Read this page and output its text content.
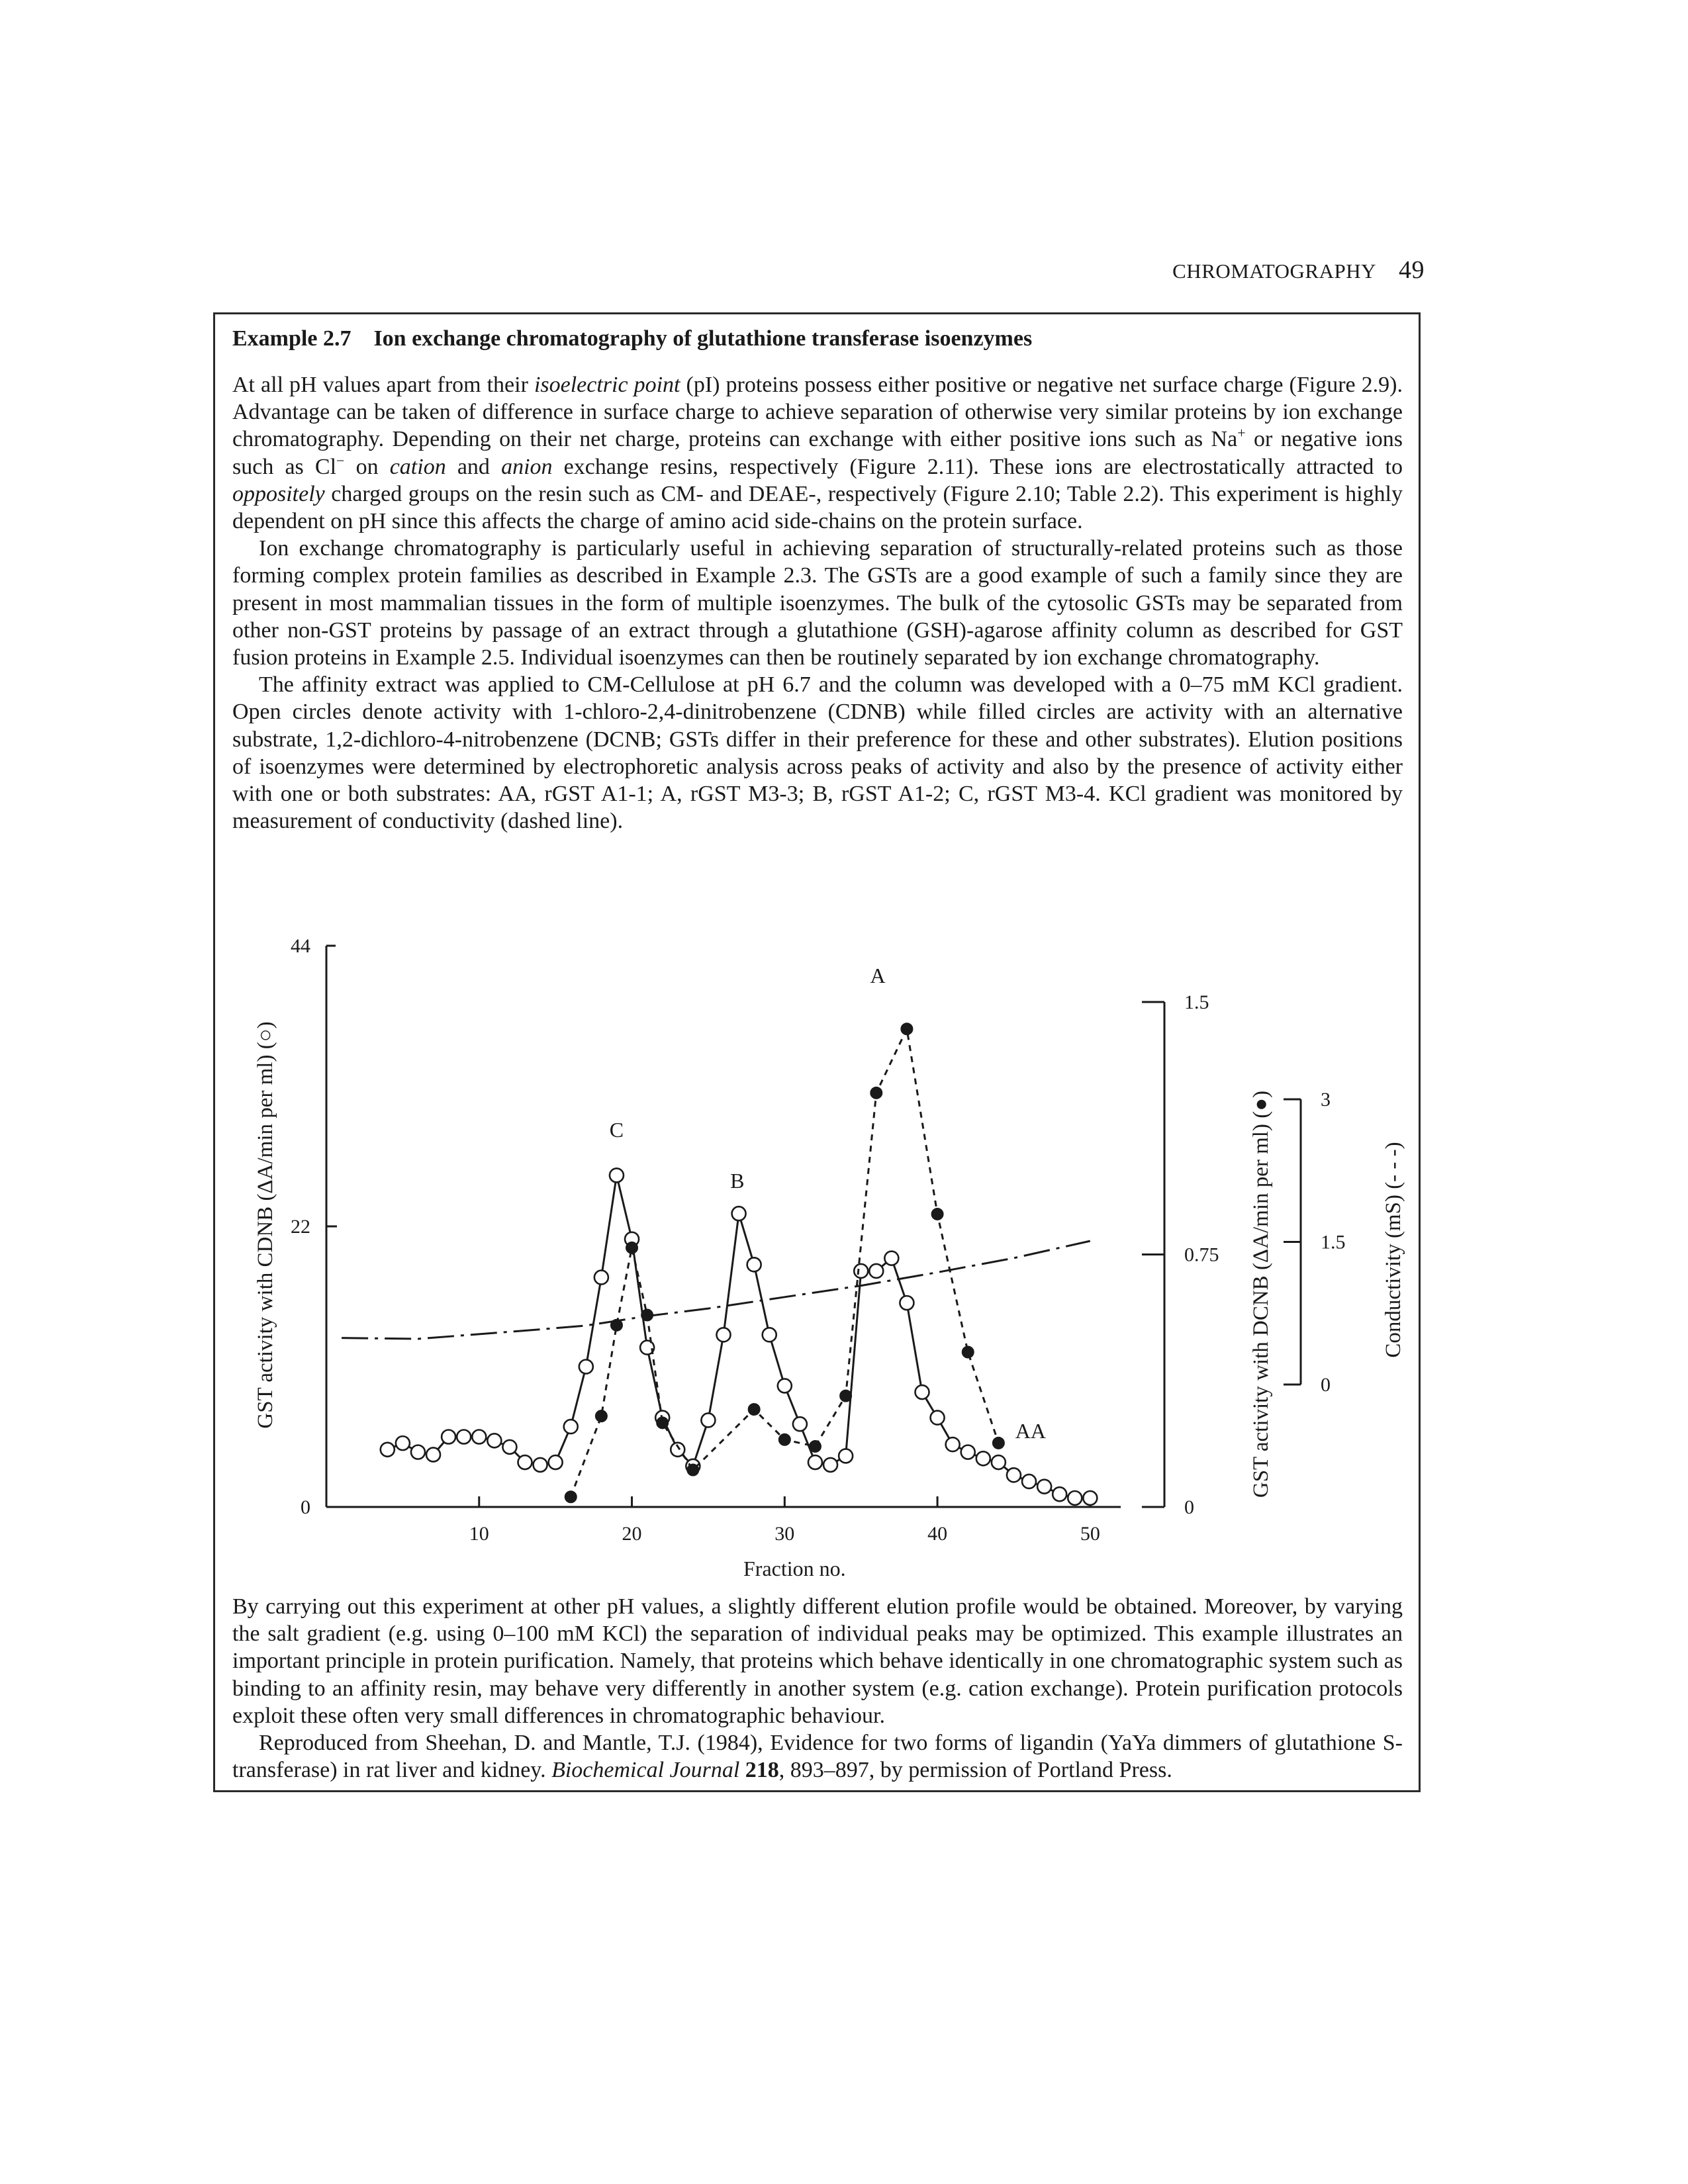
CHROMATOGRAPHY 49
Example 2.7 Ion exchange chromatography of glutathione transferase isoenzymes

At all pH values apart from their isoelectric point (pI) proteins possess either positive or negative net surface charge (Figure 2.9). Advantage can be taken of difference in surface charge to achieve separation of otherwise very similar proteins by ion exchange chromatography. Depending on their net charge, proteins can exchange with either positive ions such as Na+ or negative ions such as Cl− on cation and anion exchange resins, respectively (Figure 2.11). These ions are electrostatically attracted to oppositely charged groups on the resin such as CM- and DEAE-, respectively (Figure 2.10; Table 2.2). This experiment is highly dependent on pH since this affects the charge of amino acid side-chains on the protein surface.

Ion exchange chromatography is particularly useful in achieving separation of structurally-related proteins such as those forming complex protein families as described in Example 2.3. The GSTs are a good example of such a family since they are present in most mammalian tissues in the form of multiple isoenzymes. The bulk of the cytosolic GSTs may be separated from other non-GST proteins by passage of an extract through a glutathione (GSH)-agarose affinity column as described for GST fusion proteins in Example 2.5. Individual isoenzymes can then be routinely separated by ion exchange chromatography.

The affinity extract was applied to CM-Cellulose at pH 6.7 and the column was developed with a 0–75 mM KCl gradient. Open circles denote activity with 1-chloro-2,4-dinitrobenzene (CDNB) while filled circles are activity with an alternative substrate, 1,2-dichloro-4-nitrobenzene (DCNB; GSTs differ in their preference for these and other substrates). Elution positions of isoenzymes were determined by electrophoretic analysis across peaks of activity and also by the presence of activity either with one or both substrates: AA, rGST A1-1; A, rGST M3-3; B, rGST A1-2; C, rGST M3-4. KCl gradient was monitored by measurement of conductivity (dashed line).

10	20	30	40	50
Fraction no.
0
22
44
GST activity with CDNB (ΔA/min per ml) (○)
0
0.75
1.5
GST activity with DCNB (ΔA/min per ml) (●) 0
1.5
3
Conductivity (mS) (- - -)
C
B
A
AA

By carrying out this experiment at other pH values, a slightly different elution profile would be obtained. Moreover, by varying the salt gradient (e.g. using 0–100 mM KCl) the separation of individual peaks may be optimized. This example illustrates an important principle in protein purification. Namely, that proteins which behave identically in one chromatographic system such as binding to an affinity resin, may behave very differently in another system (e.g. cation exchange). Protein purification protocols exploit these often very small differences in chromatographic behaviour.

Reproduced from Sheehan, D. and Mantle, T.J. (1984), Evidence for two forms of ligandin (YaYa dimmers of glutathione S-transferase) in rat liver and kidney. Biochemical Journal 218, 893–897, by permission of Portland Press.
